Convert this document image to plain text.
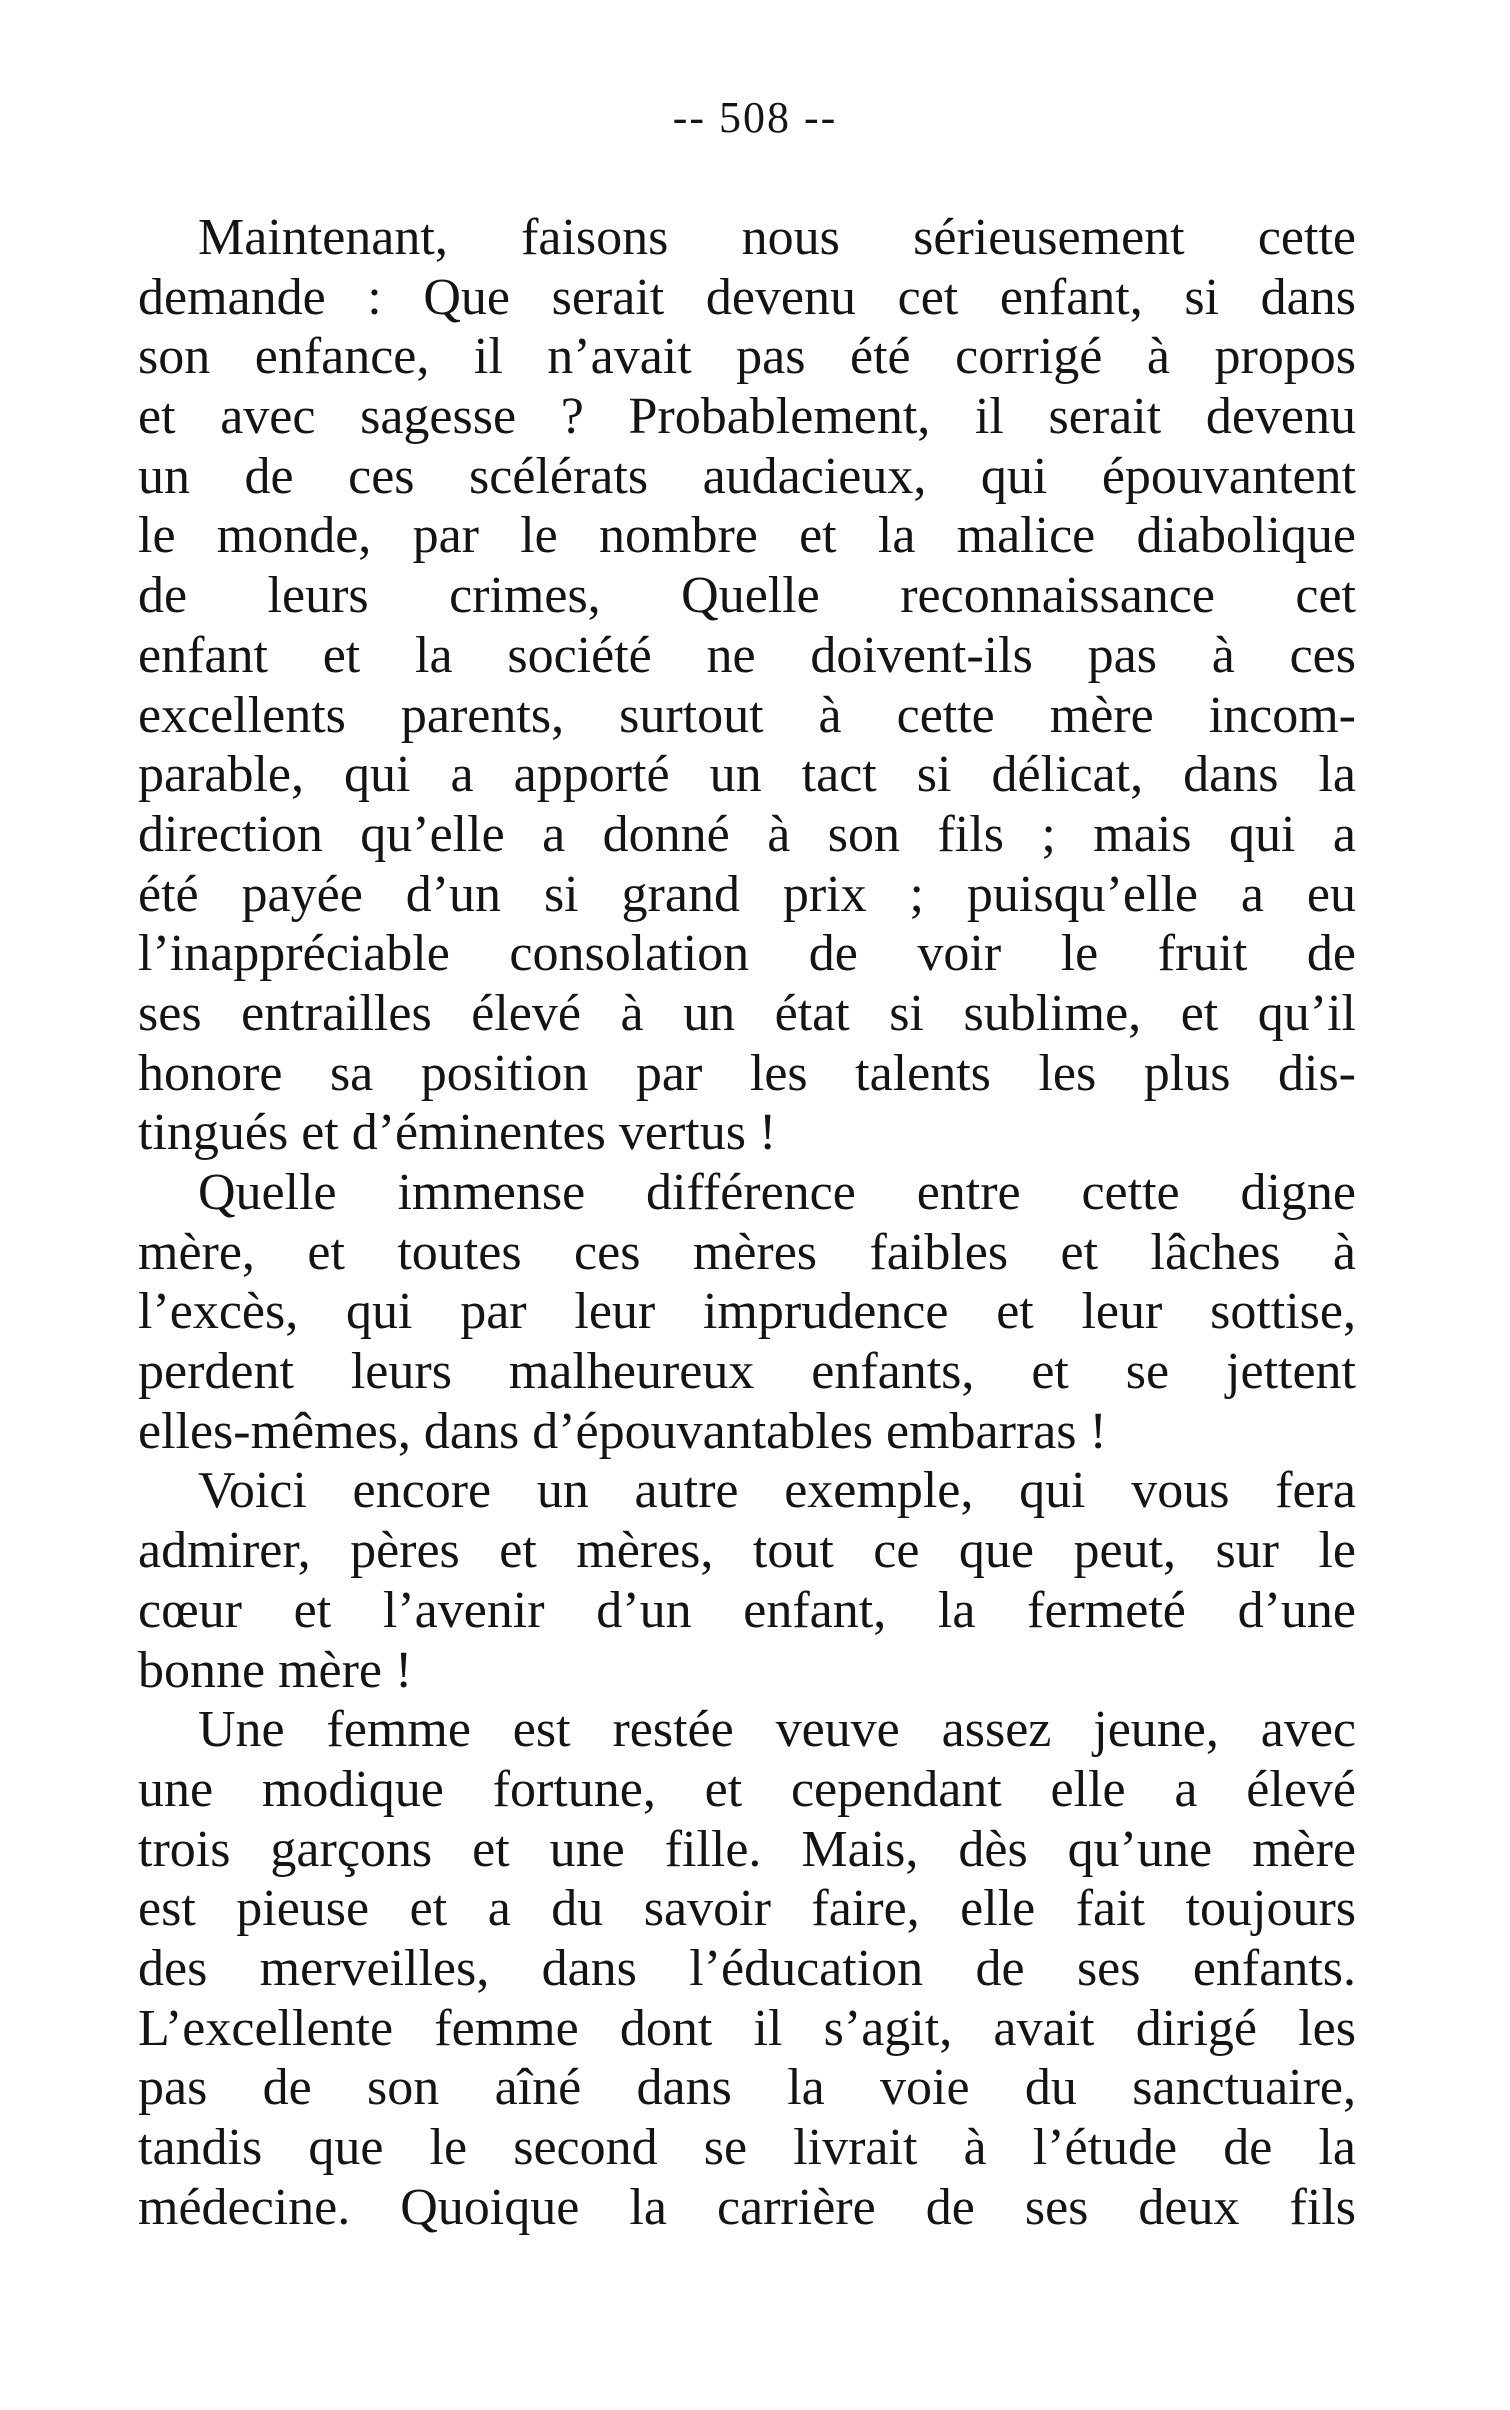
-- 508 --
Maintenant, faisons nous sérieusement cette
demande : Que serait devenu cet enfant, si dans
son enfance, il n’avait pas été corrigé à propos
et avec sagesse ? Probablement, il serait devenu
un de ces scélérats audacieux, qui épouvantent
le monde, par le nombre et la malice diabolique
de leurs crimes, Quelle reconnaissance cet
enfant et la société ne doivent-ils pas à ces
excellents parents, surtout à cette mère incom-
parable, qui a apporté un tact si délicat, dans la
direction qu’elle a donné à son fils ; mais qui a
été payée d’un si grand prix ; puisqu’elle a eu
l’inappréciable consolation de voir le fruit de
ses entrailles élevé à un état si sublime, et qu’il
honore sa position par les talents les plus dis-
tingués et d’éminentes vertus !
Quelle immense différence entre cette digne
mère, et toutes ces mères faibles et lâches à
l’excès, qui par leur imprudence et leur sottise,
perdent leurs malheureux enfants, et se jettent
elles-mêmes, dans d’épouvantables embarras !
Voici encore un autre exemple, qui vous fera
admirer, pères et mères, tout ce que peut, sur le
cœur et l’avenir d’un enfant, la fermeté d’une
bonne mère !
Une femme est restée veuve assez jeune, avec
une modique fortune, et cependant elle a élevé
trois garçons et une fille. Mais, dès qu’une mère
est pieuse et a du savoir faire, elle fait toujours
des merveilles, dans l’éducation de ses enfants.
L’excellente femme dont il s’agit, avait dirigé les
pas de son aîné dans la voie du sanctuaire,
tandis que le second se livrait à l’étude de la
médecine. Quoique la carrière de ses deux fils
